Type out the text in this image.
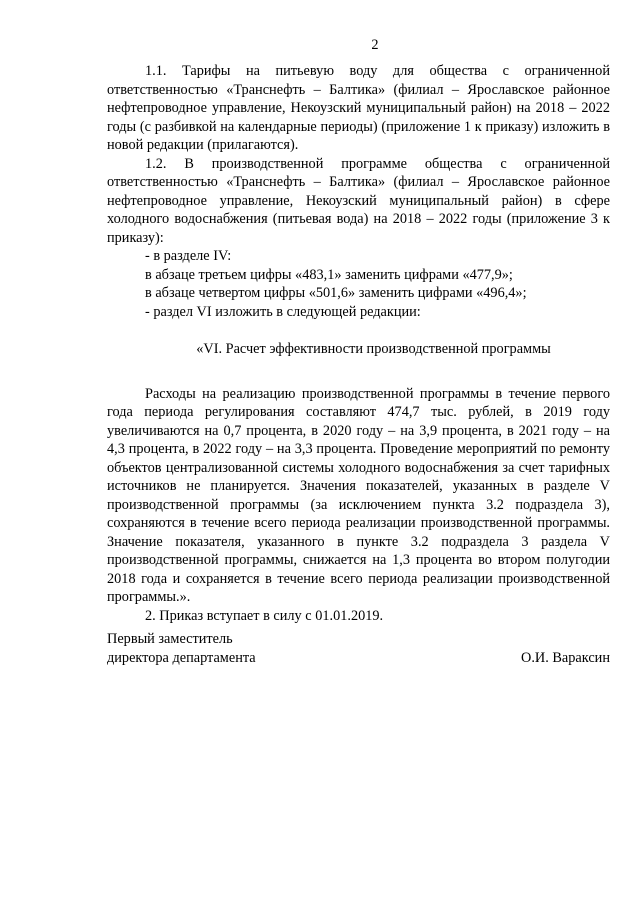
2

1.1. Тарифы на питьевую воду для общества с ограниченной ответственностью «Транснефть – Балтика» (филиал – Ярославское районное нефтепроводное управление, Некоузский муниципальный район) на 2018 – 2022 годы (с разбивкой на календарные периоды) (приложение 1 к приказу) изложить в новой редакции (прилагаются).

1.2. В производственной программе общества с ограниченной ответственностью «Транснефть – Балтика» (филиал – Ярославское районное нефтепроводное управление, Некоузский муниципальный район) в сфере холодного водоснабжения (питьевая вода) на 2018 – 2022 годы (приложение 3 к приказу):

- в разделе IV:

в абзаце третьем цифры «483,1» заменить цифрами «477,9»;

в абзаце четвертом цифры «501,6» заменить цифрами «496,4»;

- раздел VI изложить в следующей редакции:

«VI. Расчет эффективности производственной программы

Расходы на реализацию производственной программы в течение первого года периода регулирования составляют 474,7 тыс. рублей, в 2019 году увеличиваются на 0,7 процента, в 2020 году – на 3,9 процента, в 2021 году – на 4,3 процента, в 2022 году – на 3,3 процента. Проведение мероприятий по ремонту объектов централизованной системы холодного водоснабжения за счет тарифных источников не планируется. Значения показателей, указанных в разделе V производственной программы (за исключением пункта 3.2 подраздела 3), сохраняются в течение всего периода реализации производственной программы. Значение показателя, указанного в пункте 3.2 подраздела 3 раздела V производственной программы, снижается на 1,3 процента во втором полугодии 2018 года и сохраняется в течение всего периода реализации производственной программы.».

2. Приказ вступает в силу с 01.01.2019.

Первый заместитель
директора департамента	О.И. Вараксин
